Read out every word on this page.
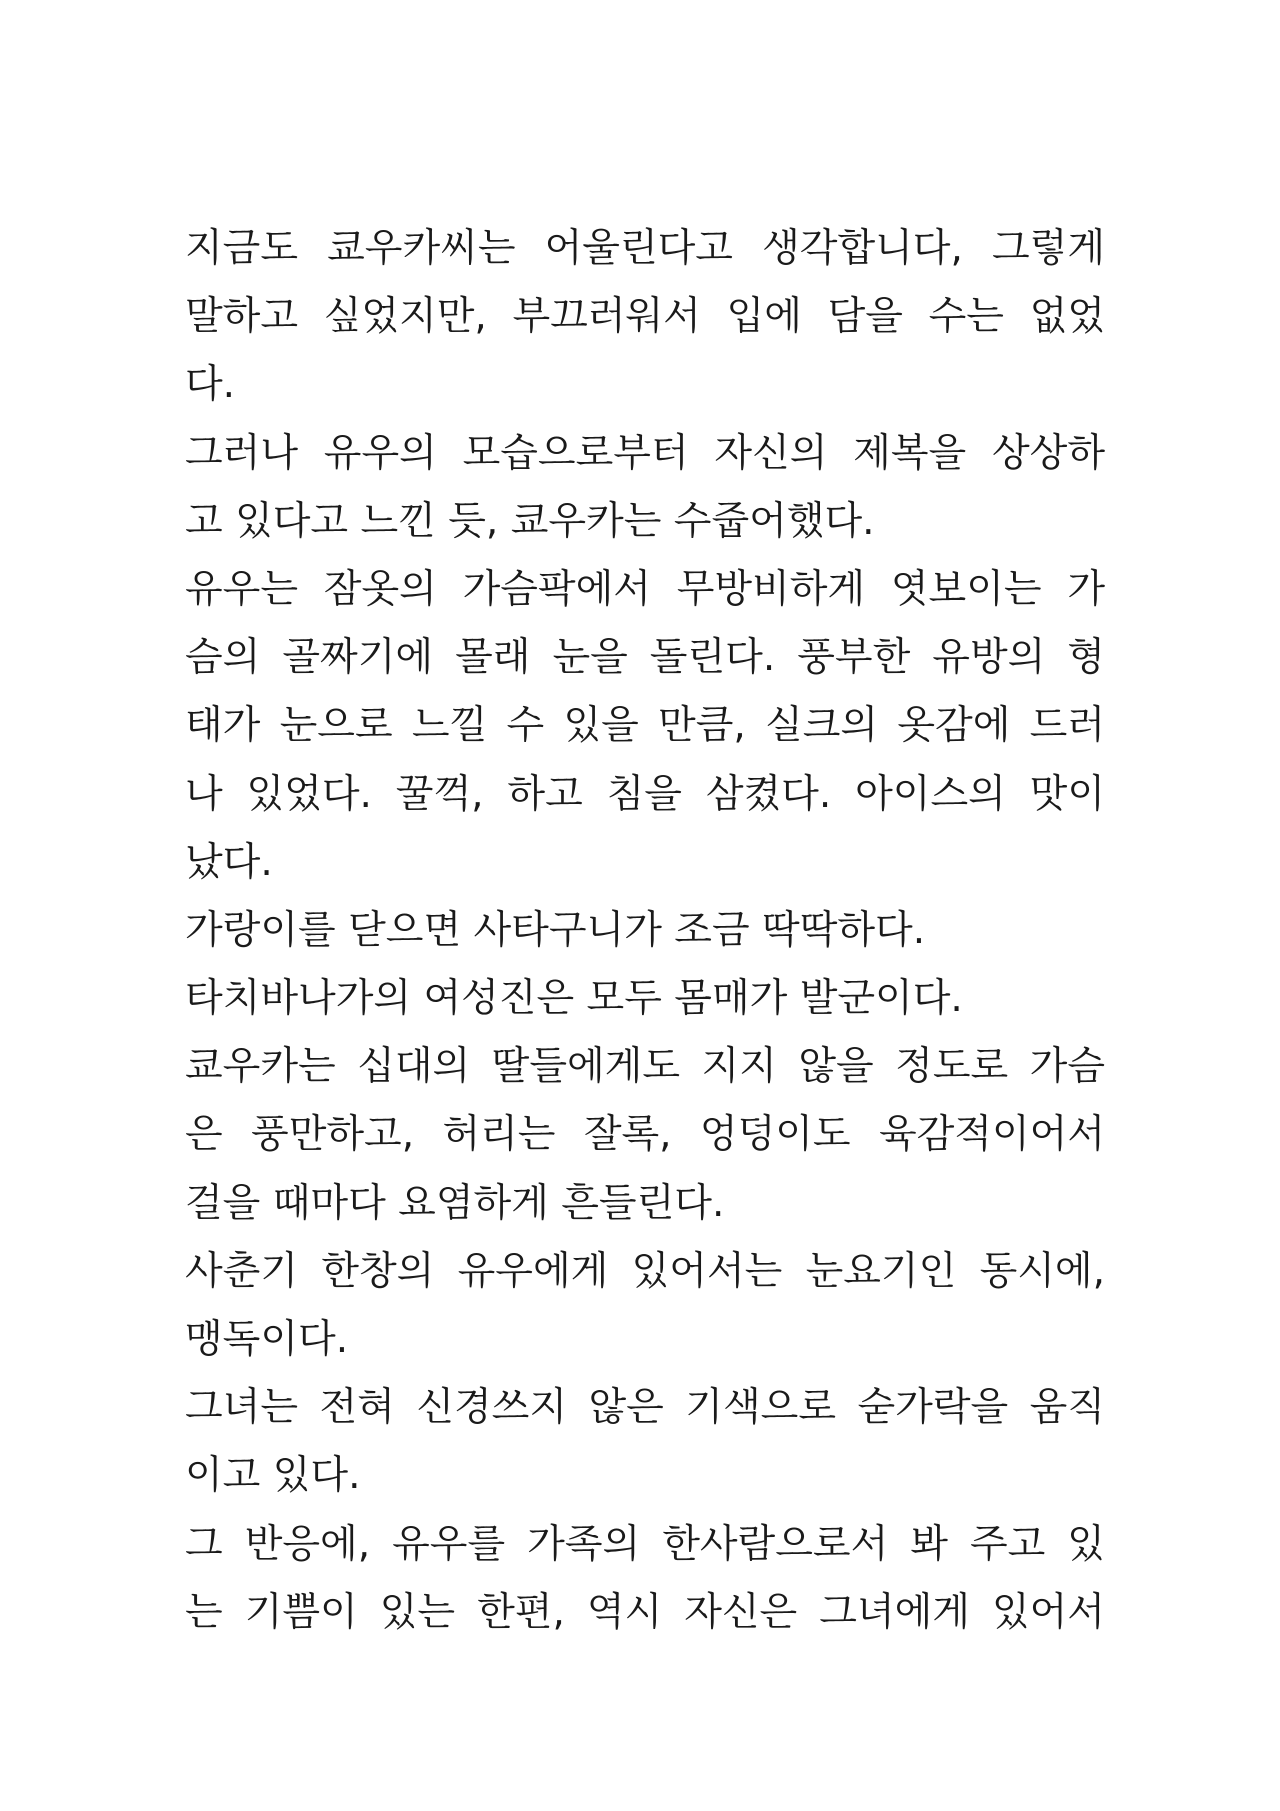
지금도 쿄우카씨는 어울린다고 생각합니다, 그렇게
말하고 싶었지만, 부끄러워서 입에 담을 수는 없었
다.
그러나 유우의 모습으로부터 자신의 제복을 상상하
고 있다고 느낀 듯, 쿄우카는 수줍어했다.
유우는 잠옷의 가슴팍에서 무방비하게 엿보이는 가
슴의 골짜기에 몰래 눈을 돌린다. 풍부한 유방의 형
태가 눈으로 느낄 수 있을 만큼, 실크의 옷감에 드러
나 있었다. 꿀꺽, 하고 침을 삼켰다. 아이스의 맛이
났다.
가랑이를 닫으면 사타구니가 조금 딱딱하다.
타치바나가의 여성진은 모두 몸매가 발군이다.
쿄우카는 십대의 딸들에게도 지지 않을 정도로 가슴
은 풍만하고, 허리는 잘록, 엉덩이도 육감적이어서
걸을 때마다 요염하게 흔들린다.
사춘기 한창의 유우에게 있어서는 눈요기인 동시에,
맹독이다.
그녀는 전혀 신경쓰지 않은 기색으로 숟가락을 움직
이고 있다.
그 반응에, 유우를 가족의 한사람으로서 봐 주고 있
는 기쁨이 있는 한편, 역시 자신은 그녀에게 있어서
